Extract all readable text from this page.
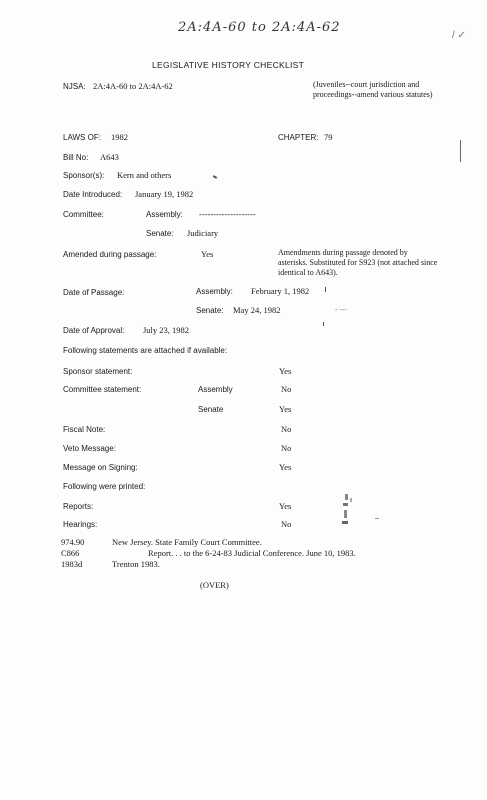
2A:4A-60 to 2A:4A-62
/ ✓
LEGISLATIVE HISTORY CHECKLIST
NJSA: 2A:4A-60 to 2A:4A-62	(Juveniles--court jurisdiction and proceedings--amend various statutes)
LAWS OF: 1982	CHAPTER: 79
Bill No: A643
Sponsor(s): Kern and others
Date Introduced: January 19, 1982
Committee:	Assembly: --------------------
Senate: Judiciary
Amended during passage:	Yes	Amendments during passage denoted by asterisks. Substituted for S923 (not attached since identical to A643).
Date of Passage:	Assembly: February 1, 1982
Senate: May 24, 1982	- -‑·
Date of Approval: July 23, 1982
Following statements are attached if available:
Sponsor statement:	Yes
Committee statement:	Assembly	No
Senate	Yes
Fiscal Note:	No
Veto Message:	No
Message on Signing:	Yes
Following were printed:
Reports:	Yes
Hearings:	No
974.90	New Jersey. State Family Court Committee.
C866	Report. . . to the 6-24-83 Judicial Conference. June 10, 1983.
1983d	Trenton 1983.
(OVER)
